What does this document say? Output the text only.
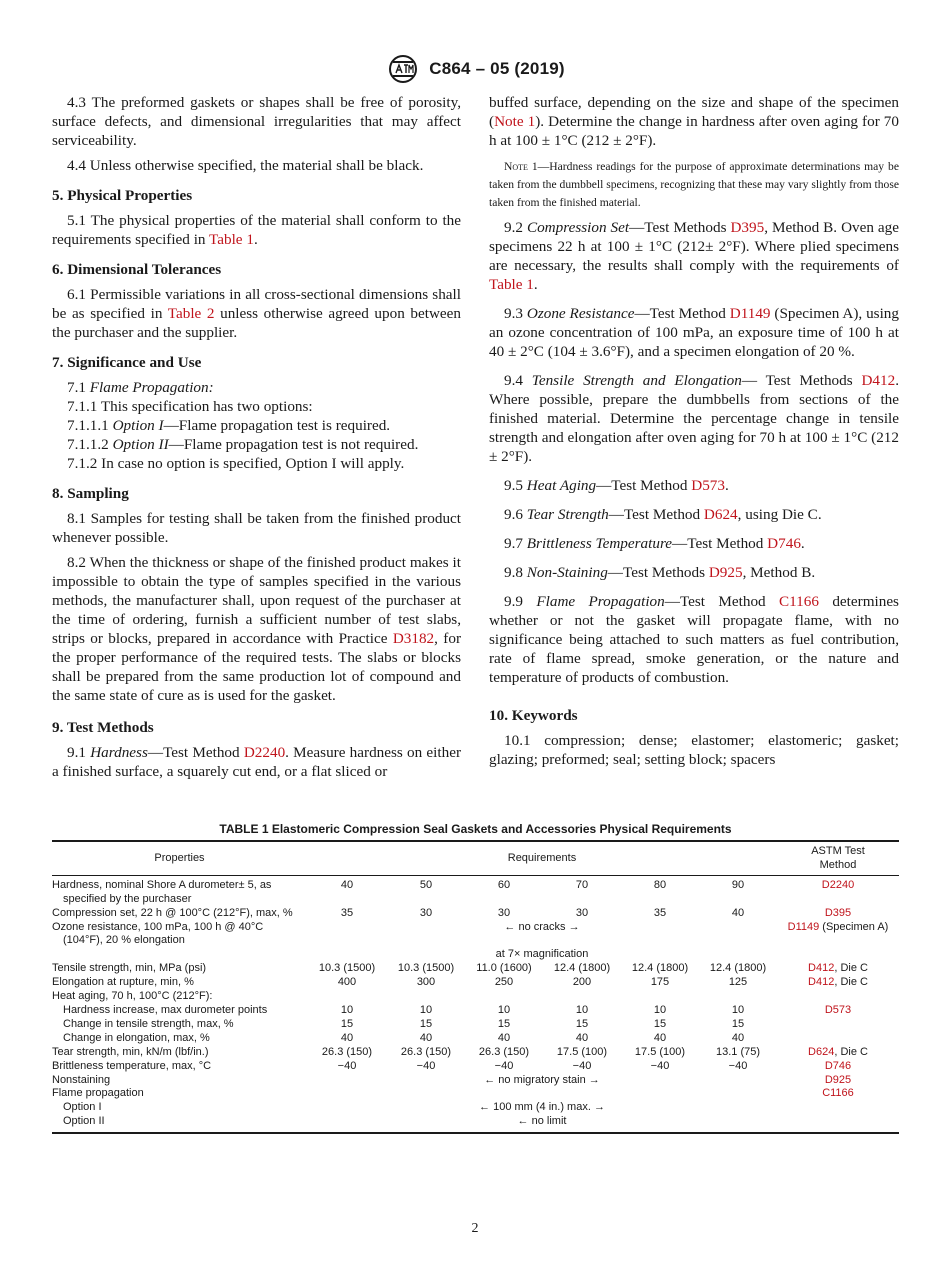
C864 – 05 (2019)

4.3 The preformed gaskets or shapes shall be free of porosity, surface defects, and dimensional irregularities that may affect serviceability.

4.4 Unless otherwise specified, the material shall be black.

5. Physical Properties

5.1 The physical properties of the material shall conform to the requirements specified in Table 1.

6. Dimensional Tolerances

6.1 Permissible variations in all cross-sectional dimensions shall be as specified in Table 2 unless otherwise agreed upon between the purchaser and the supplier.

7. Significance and Use

7.1 Flame Propagation:

7.1.1 This specification has two options:

7.1.1.1 Option I—Flame propagation test is required.

7.1.1.2 Option II—Flame propagation test is not required.

7.1.2 In case no option is specified, Option I will apply.

8. Sampling

8.1 Samples for testing shall be taken from the finished product whenever possible.

8.2 When the thickness or shape of the finished product makes it impossible to obtain the type of samples specified in the various methods, the manufacturer shall, upon request of the purchaser at the time of ordering, furnish a sufficient number of test slabs, strips or blocks, prepared in accordance with Practice D3182, for the proper performance of the required tests. The slabs or blocks shall be prepared from the same production lot of compound and the same state of cure as is used for the gasket.

9. Test Methods

9.1 Hardness—Test Method D2240. Measure hardness on either a finished surface, a squarely cut end, or a flat sliced or

buffed surface, depending on the size and shape of the specimen (Note 1). Determine the change in hardness after oven aging for 70 h at 100 ± 1°C (212 ± 2°F).

Note 1—Hardness readings for the purpose of approximate determinations may be taken from the dumbbell specimens, recognizing that these may vary slightly from those taken from the finished material.

9.2 Compression Set—Test Methods D395, Method B. Oven age specimens 22 h at 100 ± 1°C (212± 2°F). Where plied specimens are necessary, the results shall comply with the requirements of Table 1.

9.3 Ozone Resistance—Test Method D1149 (Specimen A), using an ozone concentration of 100 mPa, an exposure time of 100 h at 40 ± 2°C (104 ± 3.6°F), and a specimen elongation of 20 %.

9.4 Tensile Strength and Elongation— Test Methods D412. Where possible, prepare the dumbbells from sections of the finished material. Determine the percentage change in tensile strength and elongation after oven aging for 70 h at 100 ± 1°C (212 ± 2°F).

9.5 Heat Aging—Test Method D573.

9.6 Tear Strength—Test Method D624, using Die C.

9.7 Brittleness Temperature—Test Method D746.

9.8 Non-Staining—Test Methods D925, Method B.

9.9 Flame Propagation—Test Method C1166 determines whether or not the gasket will propagate flame, with no significance being attached to such matters as fuel contribution, rate of flame spread, smoke generation, or the nature and temperature of products of combustion.

10. Keywords

10.1 compression; dense; elastomer; elastomeric; gasket; glazing; preformed; seal; setting block; spacers

TABLE 1 Elastomeric Compression Seal Gaskets and Accessories Physical Requirements
Properties	Requirements						ASTM Test
Method
Hardness, nominal Shore A durometer± 5, as
specified by the purchaser	40	50	60	70	80	90	D2240
Compression set, 22 h @ 100°C (212°F), max, %	35	30	30	30	35	40	D395
Ozone resistance, 100 mPa, 100 h @ 40°C
(104°F), 20 % elongation	← no cracks →						D1149 (Specimen A)
	at 7× magnification						
Tensile strength, min, MPa (psi)	10.3 (1500)	10.3 (1500)	11.0 (1600)	12.4 (1800)	12.4 (1800)	12.4 (1800)	D412, Die C
Elongation at rupture, min, %	400	300	250	200	175	125	D412, Die C
Heat aging, 70 h, 100°C (212°F):							
Hardness increase, max durometer points	10	10	10	10	10	10	D573
Change in tensile strength, max, %	15	15	15	15	15	15	
Change in elongation, max, %	40	40	40	40	40	40	
Tear strength, min, kN/m (lbf/in.)	26.3 (150)	26.3 (150)	26.3 (150)	17.5 (100)	17.5 (100)	13.1 (75)	D624, Die C
Brittleness temperature, max, °C	−40	−40	−40	−40	−40	−40	D746
Nonstaining	← no migratory stain →						D925
Flame propagation							C1166
Option I	← 100 mm (4 in.) max. →						
Option II	← no limit						
2
